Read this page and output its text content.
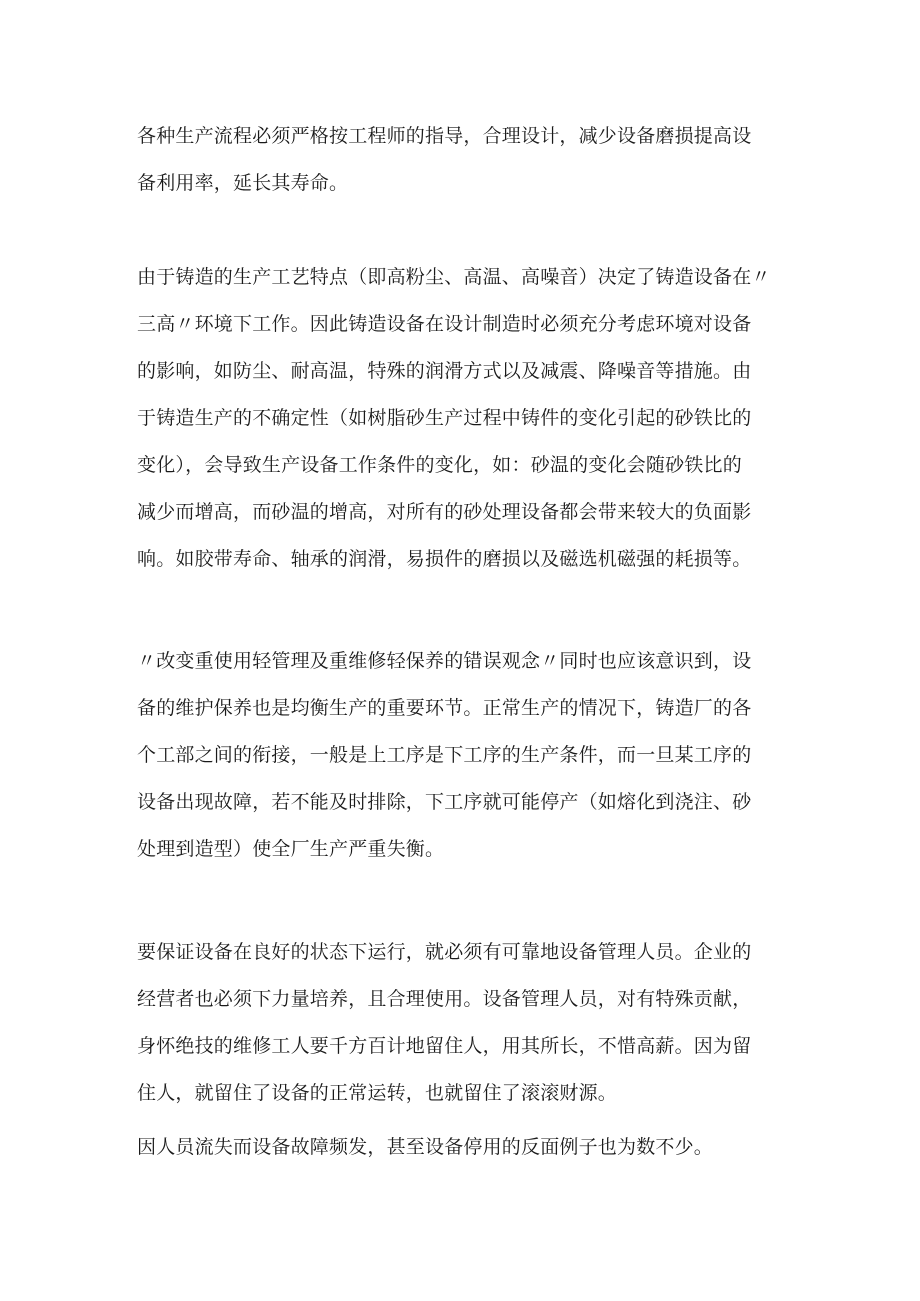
各种生产流程必须严格按工程师的指导，合理设计，减少设备磨损提高设
备利用率，延长其寿命。

由于铸造的生产工艺特点（即高粉尘、高温、高噪音）决定了铸造设备在〃
三高〃环境下工作。因此铸造设备在设计制造时必须充分考虑环境对设备
的影响，如防尘、耐高温，特殊的润滑方式以及减震、降噪音等措施。由
于铸造生产的不确定性（如树脂砂生产过程中铸件的变化引起的砂铁比的
变化），会导致生产设备工作条件的变化，如：砂温的变化会随砂铁比的
减少而增高，而砂温的增高，对所有的砂处理设备都会带来较大的负面影
响。如胶带寿命、轴承的润滑，易损件的磨损以及磁选机磁强的耗损等。

〃改变重使用轻管理及重维修轻保养的错误观念〃同时也应该意识到，设
备的维护保养也是均衡生产的重要环节。正常生产的情况下，铸造厂的各
个工部之间的衔接，一般是上工序是下工序的生产条件，而一旦某工序的
设备出现故障，若不能及时排除，下工序就可能停产（如熔化到浇注、砂
处理到造型）使全厂生产严重失衡。

要保证设备在良好的状态下运行，就必须有可靠地设备管理人员。企业的
经营者也必须下力量培养，且合理使用。设备管理人员，对有特殊贡献，
身怀绝技的维修工人要千方百计地留住人，用其所长，不惜高薪。因为留
住人，就留住了设备的正常运转，也就留住了滚滚财源。

因人员流失而设备故障频发，甚至设备停用的反面例子也为数不少。
